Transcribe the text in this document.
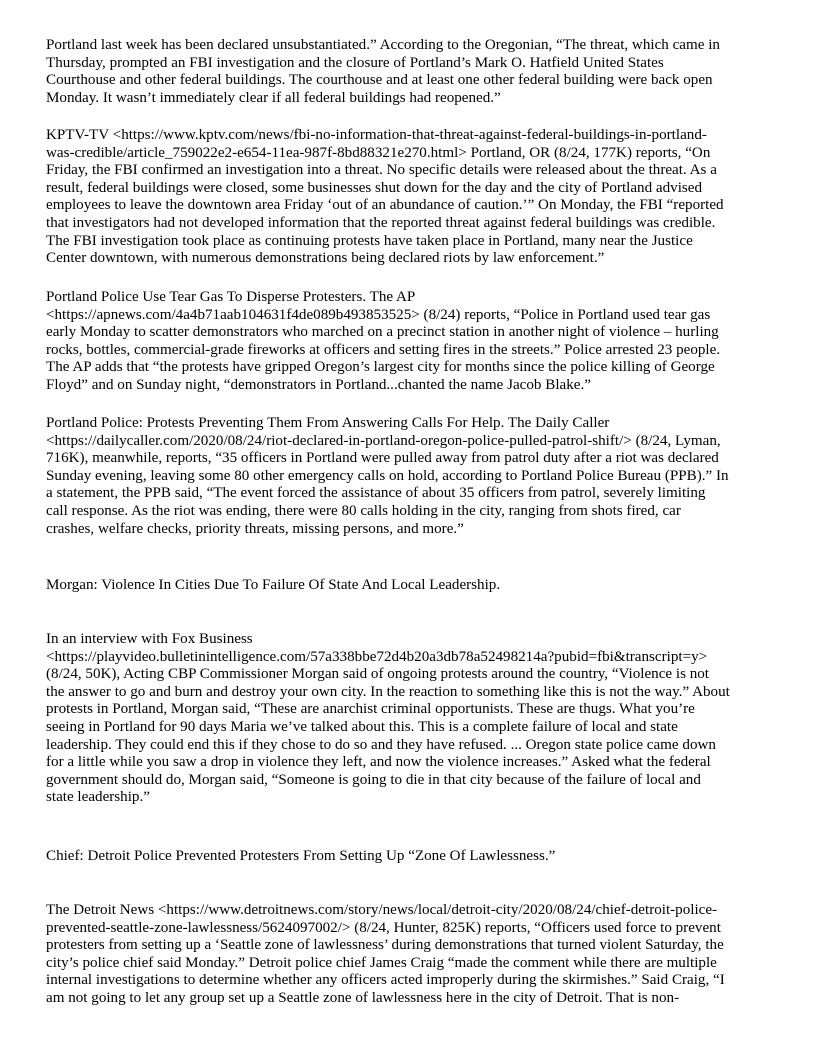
Portland last week has been declared unsubstantiated.” According to the Oregonian, “The threat, which came in
Thursday, prompted an FBI investigation and the closure of Portland’s Mark O. Hatfield United States
Courthouse and other federal buildings. The courthouse and at least one other federal building were back open
Monday. It wasn’t immediately clear if all federal buildings had reopened.”
KPTV-TV <https://www.kptv.com/news/fbi-no-information-that-threat-against-federal-buildings-in-portland-
was-credible/article_759022e2-e654-11ea-987f-8bd88321e270.html> Portland, OR (8/24, 177K) reports, “On
Friday, the FBI confirmed an investigation into a threat. No specific details were released about the threat. As a
result, federal buildings were closed, some businesses shut down for the day and the city of Portland advised
employees to leave the downtown area Friday ‘out of an abundance of caution.’” On Monday, the FBI “reported
that investigators had not developed information that the reported threat against federal buildings was credible.
The FBI investigation took place as continuing protests have taken place in Portland, many near the Justice
Center downtown, with numerous demonstrations being declared riots by law enforcement.”
Portland Police Use Tear Gas To Disperse Protesters. The AP
<https://apnews.com/4a4b71aab104631f4de089b493853525> (8/24) reports, “Police in Portland used tear gas
early Monday to scatter demonstrators who marched on a precinct station in another night of violence – hurling
rocks, bottles, commercial-grade fireworks at officers and setting fires in the streets.” Police arrested 23 people.
The AP adds that “the protests have gripped Oregon’s largest city for months since the police killing of George
Floyd” and on Sunday night, “demonstrators in Portland...chanted the name Jacob Blake.”
Portland Police: Protests Preventing Them From Answering Calls For Help. The Daily Caller
<https://dailycaller.com/2020/08/24/riot-declared-in-portland-oregon-police-pulled-patrol-shift/> (8/24, Lyman,
716K), meanwhile, reports, “35 officers in Portland were pulled away from patrol duty after a riot was declared
Sunday evening, leaving some 80 other emergency calls on hold, according to Portland Police Bureau (PPB).” In
a statement, the PPB said, “The event forced the assistance of about 35 officers from patrol, severely limiting
call response. As the riot was ending, there were 80 calls holding in the city, ranging from shots fired, car
crashes, welfare checks, priority threats, missing persons, and more.”
Morgan: Violence In Cities Due To Failure Of State And Local Leadership.
In an interview with Fox Business
<https://playvideo.bulletinintelligence.com/57a338bbe72d4b20a3db78a52498214a?pubid=fbi&transcript=y>
(8/24, 50K), Acting CBP Commissioner Morgan said of ongoing protests around the country, “Violence is not
the answer to go and burn and destroy your own city. In the reaction to something like this is not the way.” About
protests in Portland, Morgan said, “These are anarchist criminal opportunists. These are thugs. What you’re
seeing in Portland for 90 days Maria we’ve talked about this. This is a complete failure of local and state
leadership. They could end this if they chose to do so and they have refused. ... Oregon state police came down
for a little while you saw a drop in violence they left, and now the violence increases.” Asked what the federal
government should do, Morgan said, “Someone is going to die in that city because of the failure of local and
state leadership.”
Chief: Detroit Police Prevented Protesters From Setting Up “Zone Of Lawlessness.”
The Detroit News <https://www.detroitnews.com/story/news/local/detroit-city/2020/08/24/chief-detroit-police-
prevented-seattle-zone-lawlessness/5624097002/> (8/24, Hunter, 825K) reports, “Officers used force to prevent
protesters from setting up a ‘Seattle zone of lawlessness’ during demonstrations that turned violent Saturday, the
city’s police chief said Monday.” Detroit police chief James Craig “made the comment while there are multiple
internal investigations to determine whether any officers acted improperly during the skirmishes.” Said Craig, “I
am not going to let any group set up a Seattle zone of lawlessness here in the city of Detroit. That is non-
